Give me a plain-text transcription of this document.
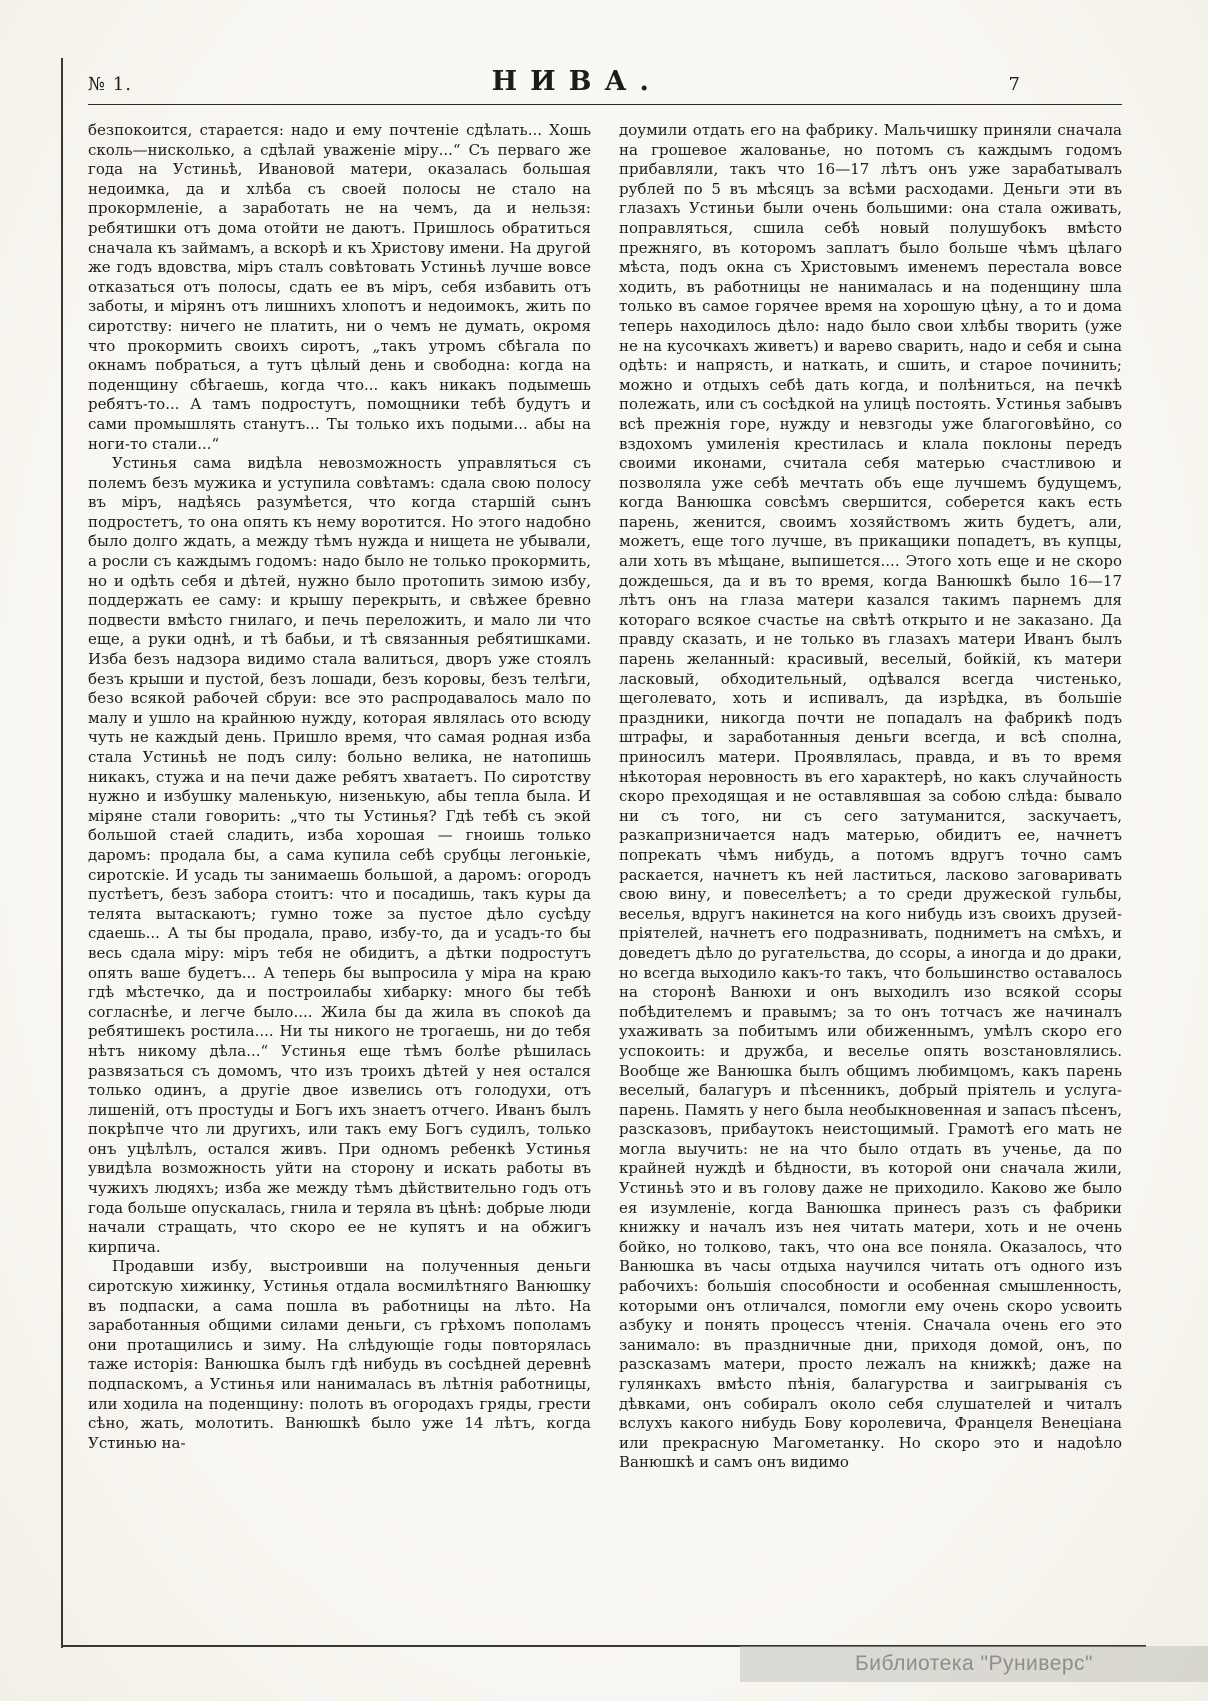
№ 1.	НИВА.	7

безпокоится, старается: надо и ему почтеніе сдѣлать... Хошь сколь—нисколько, а сдѣлай уваженіе міру...“ Съ перваго же года на Устиньѣ, Ивановой матери, оказалась большая недоимка, да и хлѣба съ своей полосы не стало на прокормленіе, а заработать не на чемъ, да и нельзя: ребятишки отъ дома отойти не даютъ. Пришлось обратиться сначала къ займамъ, а вскорѣ и къ Христову имени. На другой же годъ вдовства, міръ сталъ совѣтовать Устиньѣ лучше вовсе отказаться отъ полосы, сдать ее въ міръ, себя избавить отъ заботы, и мірянъ отъ лишнихъ хлопотъ и недоимокъ, жить по сиротству: ничего не платить, ни о чемъ не думать, окромя что прокормить своихъ сиротъ, „такъ утромъ сбѣгала по окнамъ побраться, а тутъ цѣлый день и свободна: когда на поденщину сбѣгаешь, когда что... какъ никакъ подымешь ребятъ-то... А тамъ подростутъ, помощники тебѣ будутъ и сами промышлять станутъ... Ты только ихъ подыми... абы на ноги-то стали...“

Устинья сама видѣла невозможность управляться съ полемъ безъ мужика и уступила совѣтамъ: сдала свою полосу въ міръ, надѣясь разумѣется, что когда старшій сынъ подростетъ, то она опять къ нему воротится. Но этого надобно было долго ждать, а между тѣмъ нужда и нищета не убывали, а росли съ каждымъ годомъ: надо было не только прокормить, но и одѣть себя и дѣтей, нужно было протопить зимою избу, поддержать ее саму: и крышу перекрыть, и свѣжее бревно подвести вмѣсто гнилаго, и печь переложить, и мало ли что еще, а руки однѣ, и тѣ бабьи, и тѣ связанныя ребятишками. Изба безъ надзора видимо стала валиться, дворъ уже стоялъ безъ крыши и пустой, безъ лошади, безъ коровы, безъ телѣги, безо всякой рабочей сбруи: все это распродавалось мало по малу и ушло на крайнюю нужду, которая являлась ото всюду чуть не каждый день. Пришло время, что самая родная изба стала Устиньѣ не подъ силу: больно велика, не натопишь никакъ, стужа и на печи даже ребятъ хватаетъ. По сиротству нужно и избушку маленькую, низенькую, абы тепла была. И міряне стали говорить: „что ты Устинья? Гдѣ тебѣ съ экой большой стаей сладить, изба хорошая — гноишь только даромъ: продала бы, а сама купила себѣ срубцы легонькіе, сиротскіе. И усадь ты занимаешь большой, а даромъ: огородъ пустѣетъ, безъ забора стоитъ: что и посадишь, такъ куры да телята вытаскаютъ; гумно тоже за пустое дѣло сусѣду сдаешь... А ты бы продала, право, избу-то, да и усадъ-то бы весь сдала міру: міръ тебя не обидитъ, а дѣтки подростутъ опять ваше будетъ... А теперь бы выпросила у міра на краю гдѣ мѣстечко, да и построилабы хибарку: много бы тебѣ согласнѣе, и легче было.... Жила бы да жила въ спокоѣ да ребятишекъ ростила.... Ни ты никого не трогаешь, ни до тебя нѣтъ никому дѣла...“ Устинья еще тѣмъ болѣе рѣшилась развязаться съ домомъ, что изъ троихъ дѣтей у нея остался только одинъ, а другіе двое извелись отъ голодухи, отъ лишеній, отъ простуды и Богъ ихъ знаетъ отчего. Иванъ былъ покрѣпче что ли другихъ, или такъ ему Богъ судилъ, только онъ уцѣлѣлъ, остался живъ. При одномъ ребенкѣ Устинья увидѣла возможность уйти на сторону и искать работы въ чужихъ людяхъ; изба же между тѣмъ дѣйствительно годъ отъ года больше опускалась, гнила и теряла въ цѣнѣ: добрые люди начали стращать, что скоро ее не купятъ и на обжигъ кирпича.

Продавши избу, выстроивши на полученныя деньги сиротскую хижинку, Устинья отдала восмилѣтняго Ванюшку въ подпаски, а сама пошла въ работницы на лѣто. На заработанныя общими силами деньги, съ грѣхомъ пополамъ они протащились и зиму. На слѣдующіе годы повторялась таже исторія: Ванюшка былъ гдѣ нибудь въ сосѣдней деревнѣ подпаскомъ, а Устинья или нанималась въ лѣтнія работницы, или ходила на поденщину: полоть въ огородахъ гряды, грести сѣно, жать, молотить. Ванюшкѣ было уже 14 лѣтъ, когда Устинью на-

доумили отдать его на фабрику. Мальчишку приняли сначала на грошевое жалованье, но потомъ съ каждымъ годомъ прибавляли, такъ что 16—17 лѣтъ онъ уже зарабатывалъ рублей по 5 въ мѣсяцъ за всѣми расходами. Деньги эти въ глазахъ Устиньи были очень большими: она стала оживать, поправляться, сшила себѣ новый полушубокъ вмѣсто прежняго, въ которомъ заплатъ было больше чѣмъ цѣлаго мѣста, подъ окна съ Христовымъ именемъ перестала вовсе ходить, въ работницы не нанималась и на поденщину шла только въ самое горячее время на хорошую цѣну, а то и дома теперь находилось дѣло: надо было свои хлѣбы творить (уже не на кусочкахъ живетъ) и варево сварить, надо и себя и сына одѣть: и напрясть, и наткать, и сшить, и старое починить; можно и отдыхъ себѣ дать когда, и полѣниться, на печкѣ полежать, или съ сосѣдкой на улицѣ постоять. Устинья забывъ всѣ прежнія горе, нужду и невзгоды уже благоговѣйно, со вздохомъ умиленія крестилась и клала поклоны передъ своими иконами, считала себя матерью счастливою и позволяла уже себѣ мечтать объ еще лучшемъ будущемъ, когда Ванюшка совсѣмъ свершится, соберется какъ есть парень, женится, своимъ хозяйствомъ жить будетъ, али, можетъ, еще того лучше, въ прикащики попадетъ, въ купцы, али хоть въ мѣщане, выпишется.... Этого хоть еще и не скоро дождешься, да и въ то время, когда Ванюшкѣ было 16—17 лѣтъ онъ на глаза матери казался такимъ парнемъ для котораго всякое счастье на свѣтѣ открыто и не заказано. Да правду сказать, и не только въ глазахъ матери Иванъ былъ парень желанный: красивый, веселый, бойкій, къ матери ласковый, обходительный, одѣвался всегда чистенько, щеголевато, хоть и испивалъ, да изрѣдка, въ большіе праздники, никогда почти не попадалъ на фабрикѣ подъ штрафы, и заработанныя деньги всегда, и всѣ сполна, приносилъ матери. Проявлялась, правда, и въ то время нѣкоторая неровность въ его характерѣ, но какъ случайность скоро преходящая и не оставлявшая за собою слѣда: бывало ни съ того, ни съ сего затуманится, заскучаетъ, разкапризничается надъ матерью, обидитъ ее, начнетъ попрекать чѣмъ нибудь, а потомъ вдругъ точно самъ раскается, начнетъ къ ней ластиться, ласково заговаривать свою вину, и повеселѣетъ; а то среди дружеской гульбы, веселья, вдругъ накинется на кого нибудь изъ своихъ друзей-пріятелей, начнетъ его подразнивать, подниметъ на смѣхъ, и доведетъ дѣло до ругательства, до ссоры, а иногда и до драки, но всегда выходило какъ-то такъ, что большинство оставалось на сторонѣ Ванюхи и онъ выходилъ изо всякой ссоры побѣдителемъ и правымъ; за то онъ тотчасъ же начиналъ ухаживать за побитымъ или обиженнымъ, умѣлъ скоро его успокоить: и дружба, и веселье опять возстановлялись. Вообще же Ванюшка былъ общимъ любимцомъ, какъ парень веселый, балагуръ и пѣсенникъ, добрый пріятель и услуга-парень. Память у него была необыкновенная и запасъ пѣсенъ, разсказовъ, прибаутокъ неистощимый. Грамотѣ его мать не могла выучить: не на что было отдать въ ученье, да по крайней нуждѣ и бѣдности, въ которой они сначала жили, Устиньѣ это и въ голову даже не приходило. Каково же было ея изумленіе, когда Ванюшка принесъ разъ съ фабрики книжку и началъ изъ нея читать матери, хоть и не очень бойко, но толково, такъ, что она все поняла. Оказалось, что Ванюшка въ часы отдыха научился читать отъ одного изъ рабочихъ: большія способности и особенная смышленность, которыми онъ отличался, помогли ему очень скоро усвоить азбуку и понять процессъ чтенія. Сначала очень его это занимало: въ праздничные дни, приходя домой, онъ, по разсказамъ матери, просто лежалъ на книжкѣ; даже на гулянкахъ вмѣсто пѣнія, балагурства и заигрыванія съ дѣвками, онъ собиралъ около себя слушателей и читалъ вслухъ какого нибудь Бову королевича, Францеля Венеціана или прекрасную Магометанку. Но скоро это и надоѣло Ванюшкѣ и самъ онъ видимо

Библиотека "Руниверс"
